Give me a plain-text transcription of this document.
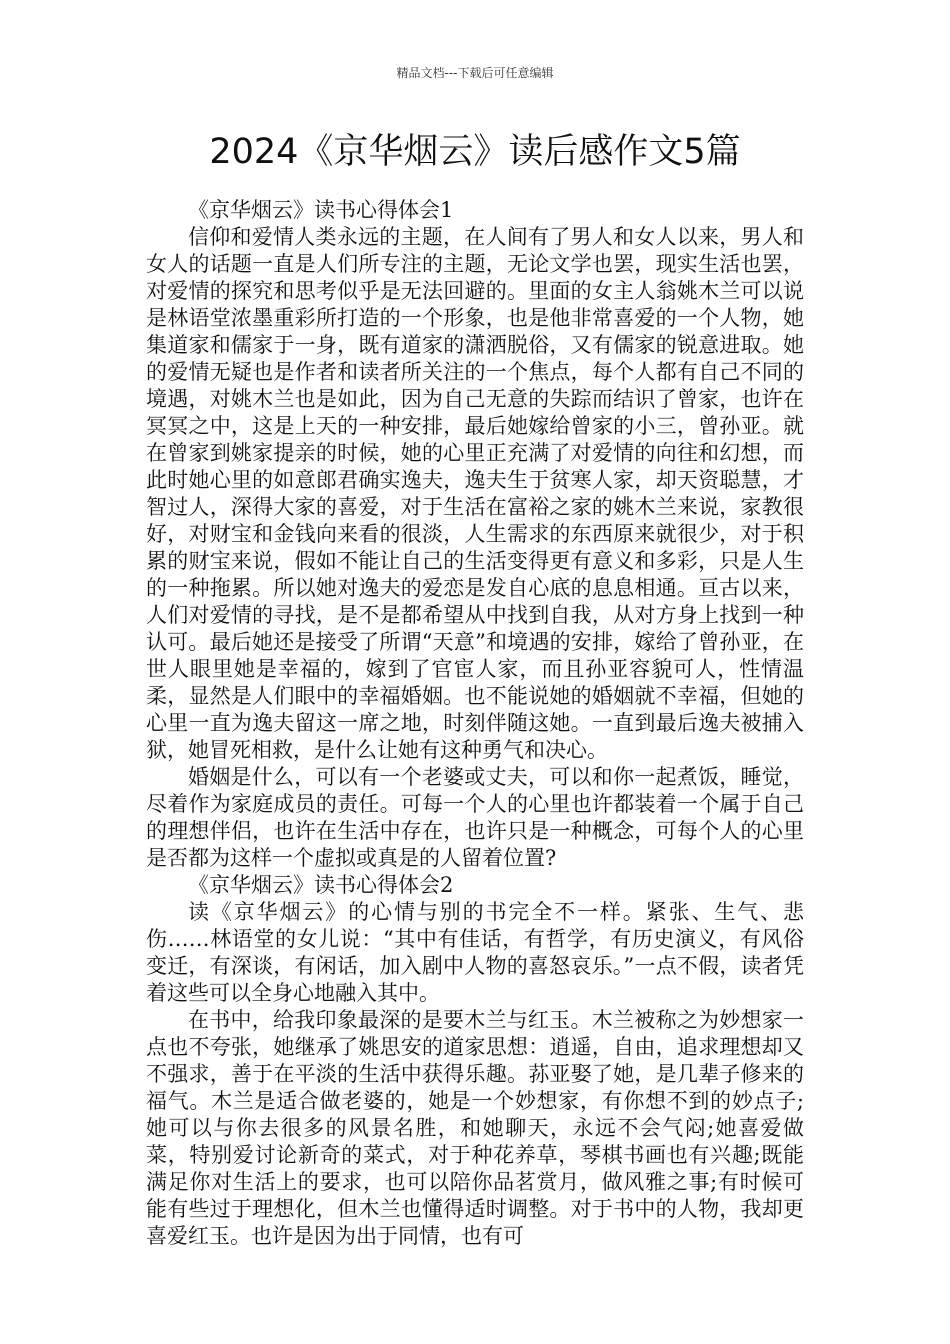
精品文档---下载后可任意编辑
2024《京华烟云》读后感作文5篇

《京华烟云》读书心得体会1

信仰和爱情人类永远的主题，在人间有了男人和女人以来，男人和女人的话题一直是人们所专注的主题，无论文学也罢，现实生活也罢，对爱情的探究和思考似乎是无法回避的。里面的女主人翁姚木兰可以说是林语堂浓墨重彩所打造的一个形象，也是他非常喜爱的一个人物，她集道家和儒家于一身，既有道家的潇洒脱俗，又有儒家的锐意进取。她的爱情无疑也是作者和读者所关注的一个焦点，每个人都有自己不同的境遇，对姚木兰也是如此，因为自己无意的失踪而结识了曾家，也许在冥冥之中，这是上天的一种安排，最后她嫁给曾家的小三，曾孙亚。就在曾家到姚家提亲的时候，她的心里正充满了对爱情的向往和幻想，而此时她心里的如意郎君确实逸夫，逸夫生于贫寒人家，却天资聪慧，才智过人，深得大家的喜爱，对于生活在富裕之家的姚木兰来说，家教很好，对财宝和金钱向来看的很淡，人生需求的东西原来就很少，对于积累的财宝来说，假如不能让自己的生活变得更有意义和多彩，只是人生的一种拖累。所以她对逸夫的爱恋是发自心底的息息相通。亘古以来，人们对爱情的寻找，是不是都希望从中找到自我，从对方身上找到一种认可。最后她还是接受了所谓“天意”和境遇的安排，嫁给了曾孙亚，在世人眼里她是幸福的，嫁到了官宦人家，而且孙亚容貌可人，性情温柔，显然是人们眼中的幸福婚姻。也不能说她的婚姻就不幸福，但她的心里一直为逸夫留这一席之地，时刻伴随这她。一直到最后逸夫被捕入狱，她冒死相救，是什么让她有这种勇气和决心。

婚姻是什么，可以有一个老婆或丈夫，可以和你一起煮饭，睡觉，尽着作为家庭成员的责任。可每一个人的心里也许都装着一个属于自己的理想伴侣，也许在生活中存在，也许只是一种概念，可每个人的心里是否都为这样一个虚拟或真是的人留着位置?

《京华烟云》读书心得体会2

读《京华烟云》的心情与别的书完全不一样。紧张、生气、悲伤……林语堂的女儿说：“其中有佳话，有哲学，有历史演义，有风俗变迁，有深谈，有闲话，加入剧中人物的喜怒哀乐。”一点不假，读者凭着这些可以全身心地融入其中。

在书中，给我印象最深的是要木兰与红玉。木兰被称之为妙想家一点也不夸张，她继承了姚思安的道家思想：逍遥，自由，追求理想却又不强求，善于在平淡的生活中获得乐趣。荪亚娶了她，是几辈子修来的福气。木兰是适合做老婆的，她是一个妙想家，有你想不到的妙点子;她可以与你去很多的风景名胜，和她聊天，永远不会气闷;她喜爱做菜，特别爱讨论新奇的菜式，对于种花养草，琴棋书画也有兴趣;既能满足你对生活上的要求，也可以陪你品茗赏月，做风雅之事;有时候可能有些过于理想化，但木兰也懂得适时调整。对于书中的人物，我却更喜爱红玉。也许是因为出于同情，也有可
